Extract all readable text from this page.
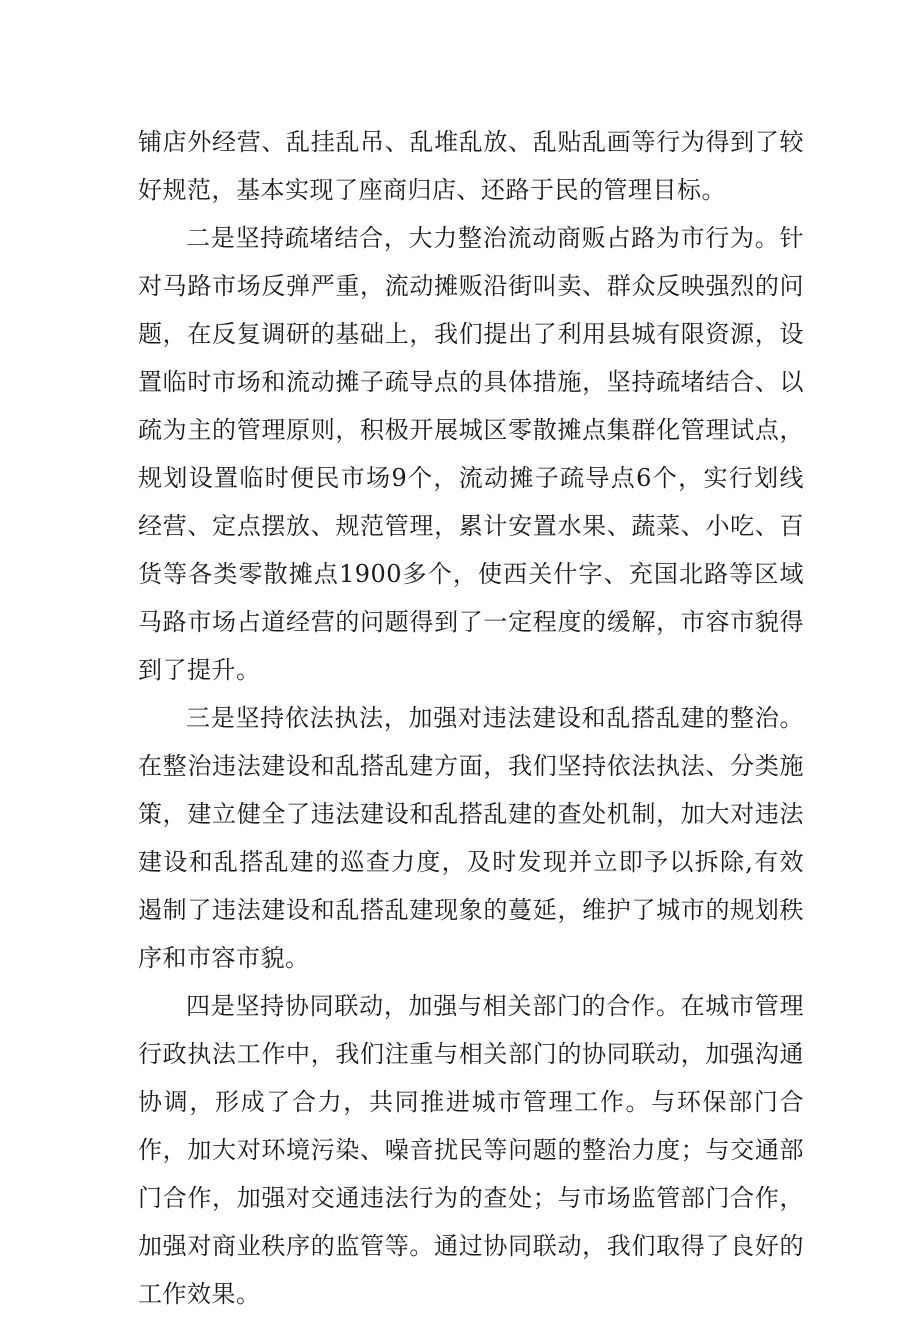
铺店外经营、乱挂乱吊、乱堆乱放、乱贴乱画等行为得到了较好规范，基本实现了座商归店、还路于民的管理目标。

二是坚持疏堵结合，大力整治流动商贩占路为市行为。针对马路市场反弹严重，流动摊贩沿街叫卖、群众反映强烈的问题，在反复调研的基础上，我们提出了利用县城有限资源，设置临时市场和流动摊子疏导点的具体措施，坚持疏堵结合、以疏为主的管理原则，积极开展城区零散摊点集群化管理试点，规划设置临时便民市场9个，流动摊子疏导点6个，实行划线经营、定点摆放、规范管理，累计安置水果、蔬菜、小吃、百货等各类零散摊点1900多个，使西关什字、充国北路等区域马路市场占道经营的问题得到了一定程度的缓解，市容市貌得到了提升。

三是坚持依法执法，加强对违法建设和乱搭乱建的整治。在整治违法建设和乱搭乱建方面，我们坚持依法执法、分类施策，建立健全了违法建设和乱搭乱建的查处机制，加大对违法建设和乱搭乱建的巡查力度，及时发现并立即予以拆除,有效遏制了违法建设和乱搭乱建现象的蔓延，维护了城市的规划秩序和市容市貌。

四是坚持协同联动，加强与相关部门的合作。在城市管理行政执法工作中，我们注重与相关部门的协同联动，加强沟通协调，形成了合力，共同推进城市管理工作。与环保部门合作，加大对环境污染、噪音扰民等问题的整治力度；与交通部门合作，加强对交通违法行为的查处；与市场监管部门合作，加强对商业秩序的监管等。通过协同联动，我们取得了良好的工作效果。
